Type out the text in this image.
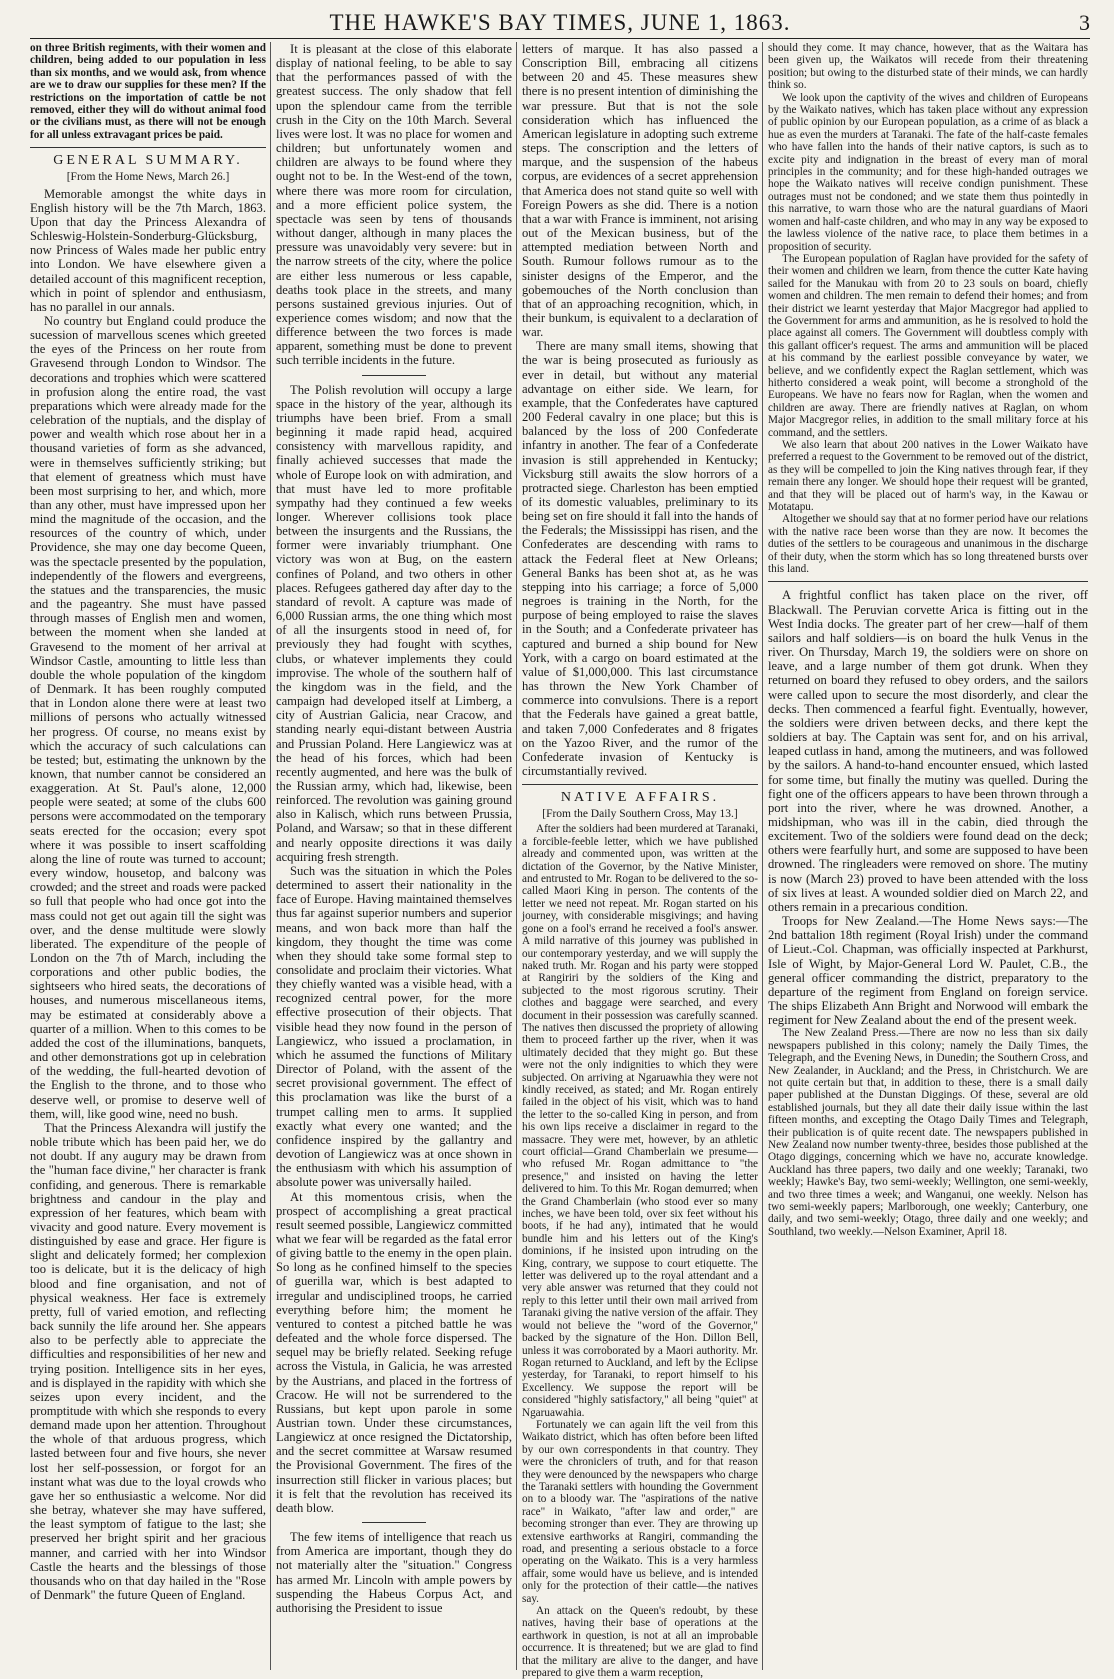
THE HAWKE'S BAY TIMES, JUNE 1, 1863.	3

on three British regiments, with their women and children, being added to our population in less than six months, and we would ask, from whence are we to draw our supplies for these men? If the restrictions on the importation of cattle be not removed, either they will do without animal food or the civilians must, as there will not be enough for all unless extravagant prices be paid.

GENERAL SUMMARY.
[From the Home News, March 26.]

Memorable amongst the white days in English history will be the 7th March, 1863. Upon that day the Princess Alexandra of Schleswig-Holstein-Sonderburg-Glücksburg, now Princess of Wales made her public entry into London. We have elsewhere given a detailed account of this magnificent reception, which in point of splendor and enthusiasm, has no parallel in our annals.

No country but England could produce the sucession of marvellous scenes which greeted the eyes of the Princess on her route from Gravesend through London to Windsor. The decorations and trophies which were scattered in profusion along the entire road, the vast preparations which were already made for the celebration of the nuptials, and the display of power and wealth which rose about her in a thousand varieties of form as she advanced, were in themselves sufficiently striking; but that element of greatness which must have been most surprising to her, and which, more than any other, must have impressed upon her mind the magnitude of the occasion, and the resources of the country of which, under Providence, she may one day become Queen, was the spectacle presented by the population, independently of the flowers and evergreens, the statues and the transparencies, the music and the pageantry. She must have passed through masses of English men and women, between the moment when she landed at Gravesend to the moment of her arrival at Windsor Castle, amounting to little less than double the whole population of the kingdom of Denmark. It has been roughly computed that in London alone there were at least two millions of persons who actually witnessed her progress. Of course, no means exist by which the accuracy of such calculations can be tested; but, estimating the unknown by the known, that number cannot be considered an exaggeration. At St. Paul's alone, 12,000 people were seated; at some of the clubs 600 persons were accommodated on the temporary seats erected for the occasion; every spot where it was possible to insert scaffolding along the line of route was turned to account; every window, housetop, and balcony was crowded; and the street and roads were packed so full that people who had once got into the mass could not get out again till the sight was over, and the dense multitude were slowly liberated. The expenditure of the people of London on the 7th of March, including the corporations and other public bodies, the sightseers who hired seats, the decorations of houses, and numerous miscellaneous items, may be estimated at considerably above a quarter of a million. When to this comes to be added the cost of the illuminations, banquets, and other demonstrations got up in celebration of the wedding, the full-hearted devotion of the English to the throne, and to those who deserve well, or promise to deserve well of them, will, like good wine, need no bush.

That the Princess Alexandra will justify the noble tribute which has been paid her, we do not doubt. If any augury may be drawn from the "human face divine," her character is frank confiding, and generous. There is remarkable brightness and candour in the play and expression of her features, which beam with vivacity and good nature. Every movement is distinguished by ease and grace. Her figure is slight and delicately formed; her complexion too is delicate, but it is the delicacy of high blood and fine organisation, and not of physical weakness. Her face is extremely pretty, full of varied emotion, and reflecting back sunnily the life around her. She appears also to be perfectly able to appreciate the difficulties and responsibilities of her new and trying position. Intelligence sits in her eyes, and is displayed in the rapidity with which she seizes upon every incident, and the promptitude with which she responds to every demand made upon her attention. Throughout the whole of that arduous progress, which lasted between four and five hours, she never lost her self-possession, or forgot for an instant what was due to the loyal crowds who gave her so enthusiastic a welcome. Nor did she betray, whatever she may have suffered, the least symptom of fatigue to the last; she preserved her bright spirit and her gracious manner, and carried with her into Windsor Castle the hearts and the blessings of those thousands who on that day hailed in the "Rose of Denmark" the future Queen of England.

It is pleasant at the close of this elaborate display of national feeling, to be able to say that the performances passed of with the greatest success. The only shadow that fell upon the splendour came from the terrible crush in the City on the 10th March. Several lives were lost. It was no place for women and children; but unfortunately women and children are always to be found where they ought not to be. In the West-end of the town, where there was more room for circulation, and a more efficient police system, the spectacle was seen by tens of thousands without danger, although in many places the pressure was unavoidably very severe: but in the narrow streets of the city, where the police are either less numerous or less capable, deaths took place in the streets, and many persons sustained grevious injuries. Out of experience comes wisdom; and now that the difference between the two forces is made apparent, something must be done to prevent such terrible incidents in the future.

The Polish revolution will occupy a large space in the history of the year, although its triumphs have been brief. From a small beginning it made rapid head, acquired consistency with marvellous rapidity, and finally achieved successes that made the whole of Europe look on with admiration, and that must have led to more profitable sympathy had they continued a few weeks longer. Wherever collisions took place between the insurgents and the Russians, the former were invariably triumphant. One victory was won at Bug, on the eastern confines of Poland, and two others in other places. Refugees gathered day after day to the standard of revolt. A capture was made of 6,000 Russian arms, the one thing which most of all the insurgents stood in need of, for previously they had fought with scythes, clubs, or whatever implements they could improvise. The whole of the southern half of the kingdom was in the field, and the campaign had developed itself at Limberg, a city of Austrian Galicia, near Cracow, and standing nearly equi-distant between Austria and Prussian Poland. Here Langiewicz was at the head of his forces, which had been recently augmented, and here was the bulk of the Russian army, which had, likewise, been reinforced. The revolution was gaining ground also in Kalisch, which runs between Prussia, Poland, and Warsaw; so that in these different and nearly opposite directions it was daily acquiring fresh strength.

Such was the situation in which the Poles determined to assert their nationality in the face of Europe. Having maintained themselves thus far against superior numbers and superior means, and won back more than half the kingdom, they thought the time was come when they should take some formal step to consolidate and proclaim their victories. What they chiefly wanted was a visible head, with a recognized central power, for the more effective prosecution of their objects. That visible head they now found in the person of Langiewicz, who issued a proclamation, in which he assumed the functions of Military Director of Poland, with the assent of the secret provisional government. The effect of this proclamation was like the burst of a trumpet calling men to arms. It supplied exactly what every one wanted; and the confidence inspired by the gallantry and devotion of Langiewicz was at once shown in the enthusiasm with which his assumption of absolute power was universally hailed.

At this momentous crisis, when the prospect of accomplishing a great practical result seemed possible, Langiewicz committed what we fear will be regarded as the fatal error of giving battle to the enemy in the open plain. So long as he confined himself to the species of guerilla war, which is best adapted to irregular and undisciplined troops, he carried everything before him; the moment he ventured to contest a pitched battle he was defeated and the whole force dispersed. The sequel may be briefly related. Seeking refuge across the Vistula, in Galicia, he was arrested by the Austrians, and placed in the fortress of Cracow. He will not be surrendered to the Russians, but kept upon parole in some Austrian town. Under these circumstances, Langiewicz at once resigned the Dictatorship, and the secret committee at Warsaw resumed the Provisional Government. The fires of the insurrection still flicker in various places; but it is felt that the revolution has received its death blow.

The few items of intelligence that reach us from America are important, though they do not materially alter the "situation." Congress has armed Mr. Lincoln with ample powers by suspending the Habeus Corpus Act, and authorising the President to issue

letters of marque. It has also passed a Conscription Bill, embracing all citizens between 20 and 45. These measures shew there is no present intention of diminishing the war pressure. But that is not the sole consideration which has influenced the American legislature in adopting such extreme steps. The conscription and the letters of marque, and the suspension of the habeus corpus, are evidences of a secret apprehension that America does not stand quite so well with Foreign Powers as she did. There is a notion that a war with France is imminent, not arising out of the Mexican business, but of the attempted mediation between North and South. Rumour follows rumour as to the sinister designs of the Emperor, and the gobemouches of the North conclusion than that of an approaching recognition, which, in their bunkum, is equivalent to a declaration of war.

There are many small items, showing that the war is being prosecuted as furiously as ever in detail, but without any material advantage on either side. We learn, for example, that the Confederates have captured 200 Federal cavalry in one place; but this is balanced by the loss of 200 Confederate infantry in another. The fear of a Confederate invasion is still apprehended in Kentucky; Vicksburg still awaits the slow horrors of a protracted siege. Charleston has been emptied of its domestic valuables, preliminary to its being set on fire should it fall into the hands of the Federals; the Mississippi has risen, and the Confederates are descending with rams to attack the Federal fleet at New Orleans; General Banks has been shot at, as he was stepping into his carriage; a force of 5,000 negroes is training in the North, for the purpose of being employed to raise the slaves in the South; and a Confederate privateer has captured and burned a ship bound for New York, with a cargo on board estimated at the value of $1,000,000. This last circumstance has thrown the New York Chamber of commerce into convulsions. There is a report that the Federals have gained a great battle, and taken 7,000 Confederates and 8 frigates on the Yazoo River, and the rumor of the Confederate invasion of Kentucky is circumstantially revived.

NATIVE AFFAIRS.
[From the Daily Southern Cross, May 13.]

After the soldiers had been murdered at Taranaki, a forcible-feeble letter, which we have published already and commented upon, was written at the dictation of the Governor, by the Native Minister, and entrusted to Mr. Rogan to be delivered to the so-called Maori King in person. The contents of the letter we need not repeat. Mr. Rogan started on his journey, with considerable misgivings; and having gone on a fool's errand he received a fool's answer. A mild narrative of this journey was published in our contemporary yesterday, and we will supply the naked truth. Mr. Rogan and his party were stopped at Rangiriri by the soldiers of the King and subjected to the most rigorous scrutiny. Their clothes and baggage were searched, and every document in their possession was carefully scanned. The natives then discussed the propriety of allowing them to proceed farther up the river, when it was ultimately decided that they might go. But these were not the only indignities to which they were subjected. On arriving at Ngaruawhia they were not kindly received, as stated; and Mr. Rogan entirely failed in the object of his visit, which was to hand the letter to the so-called King in person, and from his own lips receive a disclaimer in regard to the massacre. They were met, however, by an athletic court official—Grand Chamberlain we presume—who refused Mr. Rogan admittance to "the presence," and insisted on having the letter delivered to him. To this Mr. Rogan demurred; when the Grand Chamberlain (who stood ever so many inches, we have been told, over six feet without his boots, if he had any), intimated that he would bundle him and his letters out of the King's dominions, if he insisted upon intruding on the King, contrary, we suppose to court etiquette. The letter was delivered up to the royal attendant and a very able answer was returned that they could not reply to this letter until their own mail arrived from Taranaki giving the native version of the affair. They would not believe the "word of the Governor," backed by the signature of the Hon. Dillon Bell, unless it was corroborated by a Maori authority. Mr. Rogan returned to Auckland, and left by the Eclipse yesterday, for Taranaki, to report himself to his Excellency. We suppose the report will be considered "highly satisfactory," all being "quiet" at Ngaruawahia.

Fortunately we can again lift the veil from this Waikato district, which has often before been lifted by our own correspondents in that country. They were the chroniclers of truth, and for that reason they were denounced by the newspapers who charge the Taranaki settlers with hounding the Government on to a bloody war. The "aspirations of the native race" in Waikato, "after law and order," are becoming stronger than ever. They are throwing up extensive earthworks at Rangiri, commanding the road, and presenting a serious obstacle to a force operating on the Waikato. This is a very harmless affair, some would have us believe, and is intended only for the protection of their cattle—the natives say.

An attack on the Queen's redoubt, by these natives, having their base of operations at the earthwork in question, is not at all an improbable occurrence. It is threatened; but we are glad to find that the military are alive to the danger, and have prepared to give them a warm reception,

should they come. It may chance, however, that as the Waitara has been given up, the Waikatos will recede from their threatening position; but owing to the disturbed state of their minds, we can hardly think so.

We look upon the captivity of the wives and children of Europeans by the Waikato natives, which has taken place without any expression of public opinion by our European population, as a crime of as black a hue as even the murders at Taranaki. The fate of the half-caste females who have fallen into the hands of their native captors, is such as to excite pity and indignation in the breast of every man of moral principles in the community; and for these high-handed outrages we hope the Waikato natives will receive condign punishment. These outrages must not be condoned; and we state them thus pointedly in this narrative, to warn those who are the natural guardians of Maori women and half-caste children, and who may in any way be exposed to the lawless violence of the native race, to place them betimes in a proposition of security.

The European population of Raglan have provided for the safety of their women and children we learn, from thence the cutter Kate having sailed for the Manukau with from 20 to 23 souls on board, chiefly women and children. The men remain to defend their homes; and from their district we learnt yesterday that Major Macgregor had applied to the Government for arms and ammunition, as he is resolved to hold the place against all comers. The Government will doubtless comply with this gallant officer's request. The arms and ammunition will be placed at his command by the earliest possible conveyance by water, we believe, and we confidently expect the Raglan settlement, which was hitherto considered a weak point, will become a stronghold of the Europeans. We have no fears now for Raglan, when the women and children are away. There are friendly natives at Raglan, on whom Major Macgregor relies, in addition to the small military force at his command, and the settlers.

We also learn that about 200 natives in the Lower Waikato have preferred a request to the Government to be removed out of the district, as they will be compelled to join the King natives through fear, if they remain there any longer. We should hope their request will be granted, and that they will be placed out of harm's way, in the Kawau or Motatapu.

Altogether we should say that at no former period have our relations with the native race been worse than they are now. It becomes the duties of the settlers to be courageous and unanimous in the discharge of their duty, when the storm which has so long threatened bursts over this land.

A frightful conflict has taken place on the river, off Blackwall. The Peruvian corvette Arica is fitting out in the West India docks. The greater part of her crew—half of them sailors and half soldiers—is on board the hulk Venus in the river. On Thursday, March 19, the soldiers were on shore on leave, and a large number of them got drunk. When they returned on board they refused to obey orders, and the sailors were called upon to secure the most disorderly, and clear the decks. Then commenced a fearful fight. Eventually, however, the soldiers were driven between decks, and there kept the soldiers at bay. The Captain was sent for, and on his arrival, leaped cutlass in hand, among the mutineers, and was followed by the sailors. A hand-to-hand encounter ensued, which lasted for some time, but finally the mutiny was quelled. During the fight one of the officers appears to have been thrown through a port into the river, where he was drowned. Another, a midshipman, who was ill in the cabin, died through the excitement. Two of the soldiers were found dead on the deck; others were fearfully hurt, and some are supposed to have been drowned. The ringleaders were removed on shore. The mutiny is now (March 23) proved to have been attended with the loss of six lives at least. A wounded soldier died on March 22, and others remain in a precarious condition.

Troops for New Zealand.—The Home News says:—The 2nd battalion 18th regiment (Royal Irish) under the command of Lieut.-Col. Chapman, was officially inspected at Parkhurst, Isle of Wight, by Major-General Lord W. Paulet, C.B., the general officer commanding the district, preparatory to the departure of the regiment from England on foreign service. The ships Elizabeth Ann Bright and Norwood will embark the regiment for New Zealand about the end of the present week.

The New Zealand Press.—There are now no less than six daily newspapers published in this colony; namely the Daily Times, the Telegraph, and the Evening News, in Dunedin; the Southern Cross, and New Zealander, in Auckland; and the Press, in Christchurch. We are not quite certain but that, in addition to these, there is a small daily paper published at the Dunstan Diggings. Of these, several are old established journals, but they all date their daily issue within the last fifteen months, and excepting the Otago Daily Times and Telegraph, their publication is of quite recent date. The newspapers published in New Zealand now number twenty-three, besides those published at the Otago diggings, concerning which we have no, accurate knowledge. Auckland has three papers, two daily and one weekly; Taranaki, two weekly; Hawke's Bay, two semi-weekly; Wellington, one semi-weekly, and two three times a week; and Wanganui, one weekly. Nelson has two semi-weekly papers; Marlborough, one weekly; Canterbury, one daily, and two semi-weekly; Otago, three daily and one weekly; and Southland, two weekly.—Nelson Examiner, April 18.
